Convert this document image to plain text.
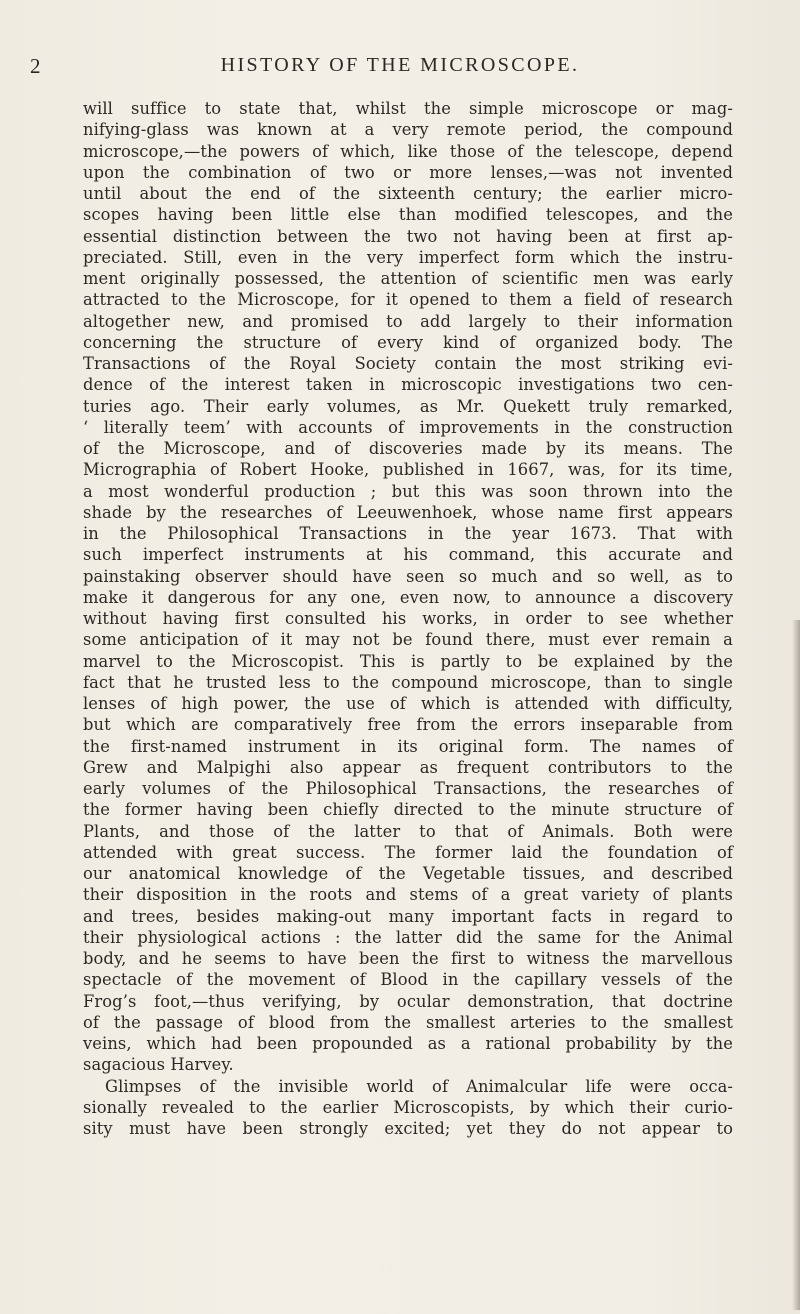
2	HISTORY OF THE MICROSCOPE.
will suffice to state that, whilst the simple microscope or mag-
nifying-glass was known at a very remote period, the compound
microscope,—the powers of which, like those of the telescope, depend
upon the combination of two or more lenses,—was not invented
until about the end of the sixteenth century; the earlier micro-
scopes having been little else than modified telescopes, and the
essential distinction between the two not having been at first ap-
preciated. Still, even in the very imperfect form which the instru-
ment originally possessed, the attention of scientific men was early
attracted to the Microscope, for it opened to them a field of research
altogether new, and promised to add largely to their information
concerning the structure of every kind of organized body. The
Transactions of the Royal Society contain the most striking evi-
dence of the interest taken in microscopic investigations two cen-
turies ago. Their early volumes, as Mr. Quekett truly remarked,
‘ literally teem’ with accounts of improvements in the construction
of the Microscope, and of discoveries made by its means. The
Micrographia of Robert Hooke, published in 1667, was, for its time,
a most wonderful production ; but this was soon thrown into the
shade by the researches of Leeuwenhoek, whose name first appears
in the Philosophical Transactions in the year 1673. That with
such imperfect instruments at his command, this accurate and
painstaking observer should have seen so much and so well, as to
make it dangerous for any one, even now, to announce a discovery
without having first consulted his works, in order to see whether
some anticipation of it may not be found there, must ever remain a
marvel to the Microscopist. This is partly to be explained by the
fact that he trusted less to the compound microscope, than to single
lenses of high power, the use of which is attended with difficulty,
but which are comparatively free from the errors inseparable from
the first-named instrument in its original form. The names of
Grew and Malpighi also appear as frequent contributors to the
early volumes of the Philosophical Transactions, the researches of
the former having been chiefly directed to the minute structure of
Plants, and those of the latter to that of Animals. Both were
attended with great success. The former laid the foundation of
our anatomical knowledge of the Vegetable tissues, and described
their disposition in the roots and stems of a great variety of plants
and trees, besides making-out many important facts in regard to
their physiological actions : the latter did the same for the Animal
body, and he seems to have been the first to witness the marvellous
spectacle of the movement of Blood in the capillary vessels of the
Frog’s foot,—thus verifying, by ocular demonstration, that doctrine
of the passage of blood from the smallest arteries to the smallest
veins, which had been propounded as a rational probability by the
sagacious Harvey.
Glimpses of the invisible world of Animalcular life were occa-
sionally revealed to the earlier Microscopists, by which their curio-
sity must have been strongly excited; yet they do not appear to
